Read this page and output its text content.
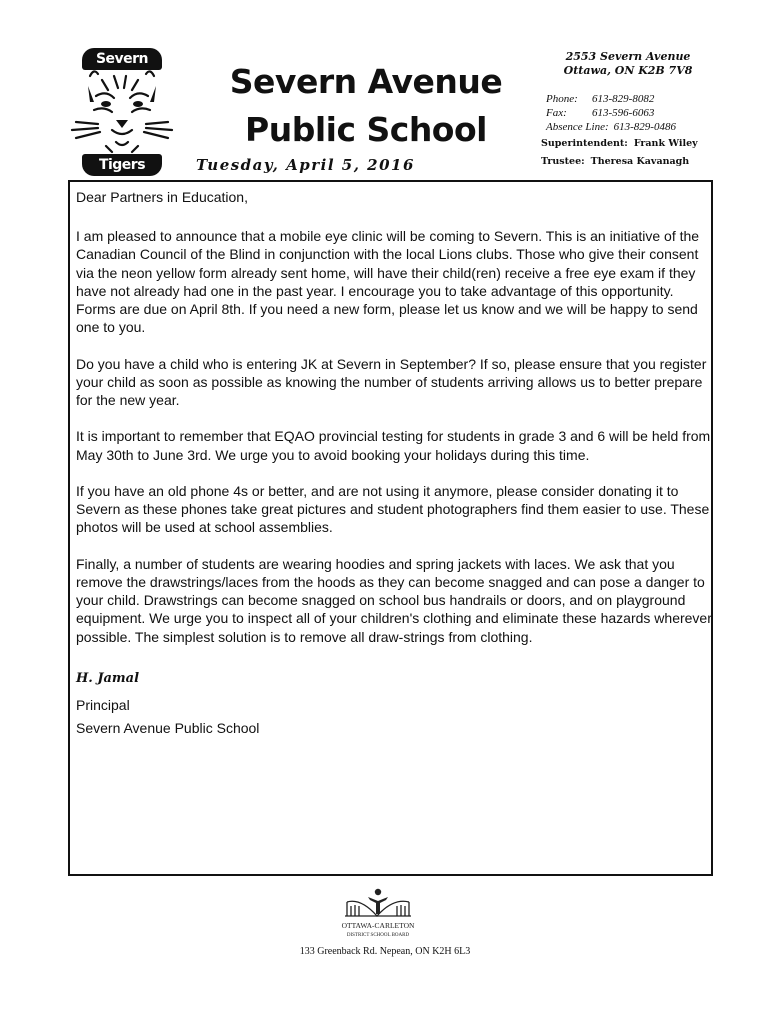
Severn
Tigers
Severn Avenue
Public School
Tuesday, April 5, 2016
2553 Severn Avenue
Ottawa, ON K2B 7V8
Phone:	613-829-8082
Fax:	613-596-6063
Absence Line: 613-829-0486
Superintendent: Frank Wiley
Trustee: Theresa Kavanagh

Dear Partners in Education,

I am pleased to announce that a mobile eye clinic will be coming to Severn. This is an initiative of the Canadian Council of the Blind in conjunction with the local Lions clubs. Those who give their consent via the neon yellow form already sent home, will have their child(ren) receive a free eye exam if they have not already had one in the past year. I encourage you to take advantage of this opportunity. Forms are due on April 8th. If you need a new form, please let us know and we will be happy to send one to you.

Do you have a child who is entering JK at Severn in September? If so, please ensure that you register your child as soon as possible as knowing the number of students arriving allows us to better prepare for the new year.

It is important to remember that EQAO provincial testing for students in grade 3 and 6 will be held from May 30th to June 3rd. We urge you to avoid booking your holidays during this time.

If you have an old phone 4s or better, and are not using it anymore, please consider donating it to Severn as these phones take great pictures and student photographers find them easier to use. These photos will be used at school assemblies.

Finally, a number of students are wearing hoodies and spring jackets with laces. We ask that you remove the drawstrings/laces from the hoods as they can become snagged and can pose a danger to your child. Drawstrings can become snagged on school bus handrails or doors, and on playground equipment. We urge you to inspect all of your children's clothing and eliminate these hazards wherever possible. The simplest solution is to remove all draw-strings from clothing.

H. Jamal
Principal
Severn Avenue Public School
OTTAWA-CARLETON
DISTRICT SCHOOL BOARD
133 Greenback Rd. Nepean, ON K2H 6L3
